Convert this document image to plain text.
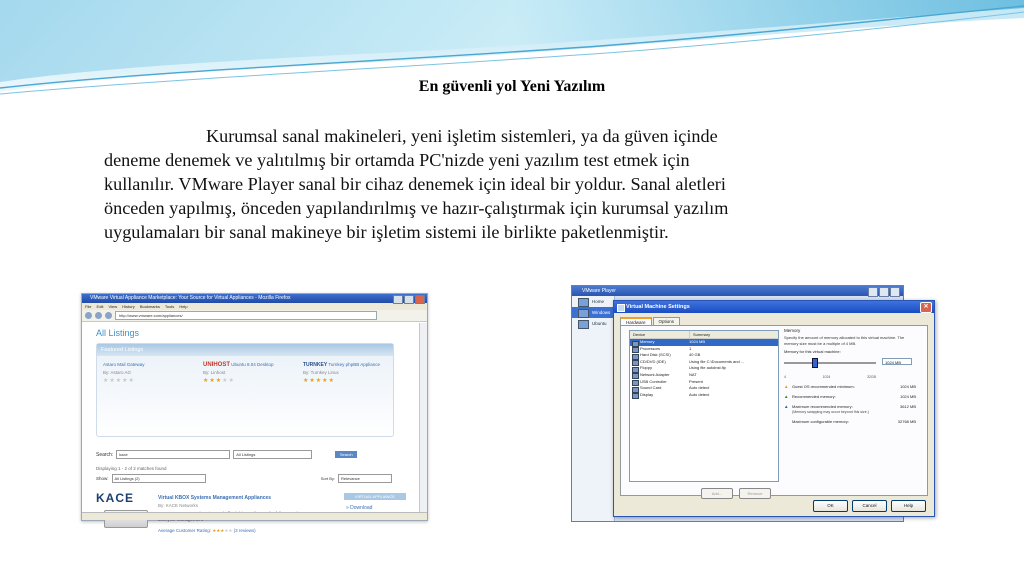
En güvenli yol Yeni Yazılım
Kurumsal sanal makineleri, yeni işletim sistemleri, ya da güven içinde
deneme denemek ve yalıtılmış bir ortamda PC'nizde yeni yazılım test etmek için
kullanılır. VMware Player sanal bir cihaz denemek için ideal bir yoldur. Sanal aletleri
önceden yapılmış, önceden yapılandırılmış ve hazır-çalıştırmak için kurumsal yazılım
uygulamaları bir sanal makineye bir işletim sistemi ile birlikte paketlenmiştir.
VMware Virtual Appliance Marketplace: Your Source for Virtual Appliances - Mozilla Firefox
File Edit View History Bookmarks Tools Help
http://www.vmware.com/appliances/
All Listings
Featured Listings
Astaro Mail Gateway
By: Astaro AG
★★★★★
UNIHOST Ubuntu 8.04 Desktop
By: Linhost
★★★★★
TURNKEY Turnkey phpBB Appliance
By: Turnkey Linux
★★★★★
Search:	kace	All Listings	Search
Displaying 1 - 2 of 2 matches found
Show:	All Listings (2)	Sort By:	Relevance
KACE	Virtual KBOX Systems Management Appliances
By: KACE Networks
Average Customer Rating: ★★★★★ (3 reviews)
VIRTUAL APPLIANCE
» Download
VMware Player
Home
Windows
Ubuntu
Virtual Machine Settings	✕
Hardware	Options
Device	Summary
Memory	1024 MB
Processors	1
Hard Disk (SCSI)	40 GB
CD/DVD (IDE)	Using file C:\Documents and ...
Floppy	Using file autoinst.flp
Network Adapter	NAT
USB Controller	Present
Sound Card	Auto detect
Display	Auto detect
Add...	Remove
Memory
Specify the amount of memory allocated to this virtual machine. The memory size must be a multiple of 4 MB.
Memory for this virtual machine:
1024 MB
4	1024	32GB
▲ Guest OS recommended minimum:	1024 MB
▲ Recommended memory:	1024 MB
▲ Maximum recommended memory:	3612 MB
(Memory swapping may occur beyond this size.)
Maximum configurable memory:	32768 MB
OK	Cancel	Help
